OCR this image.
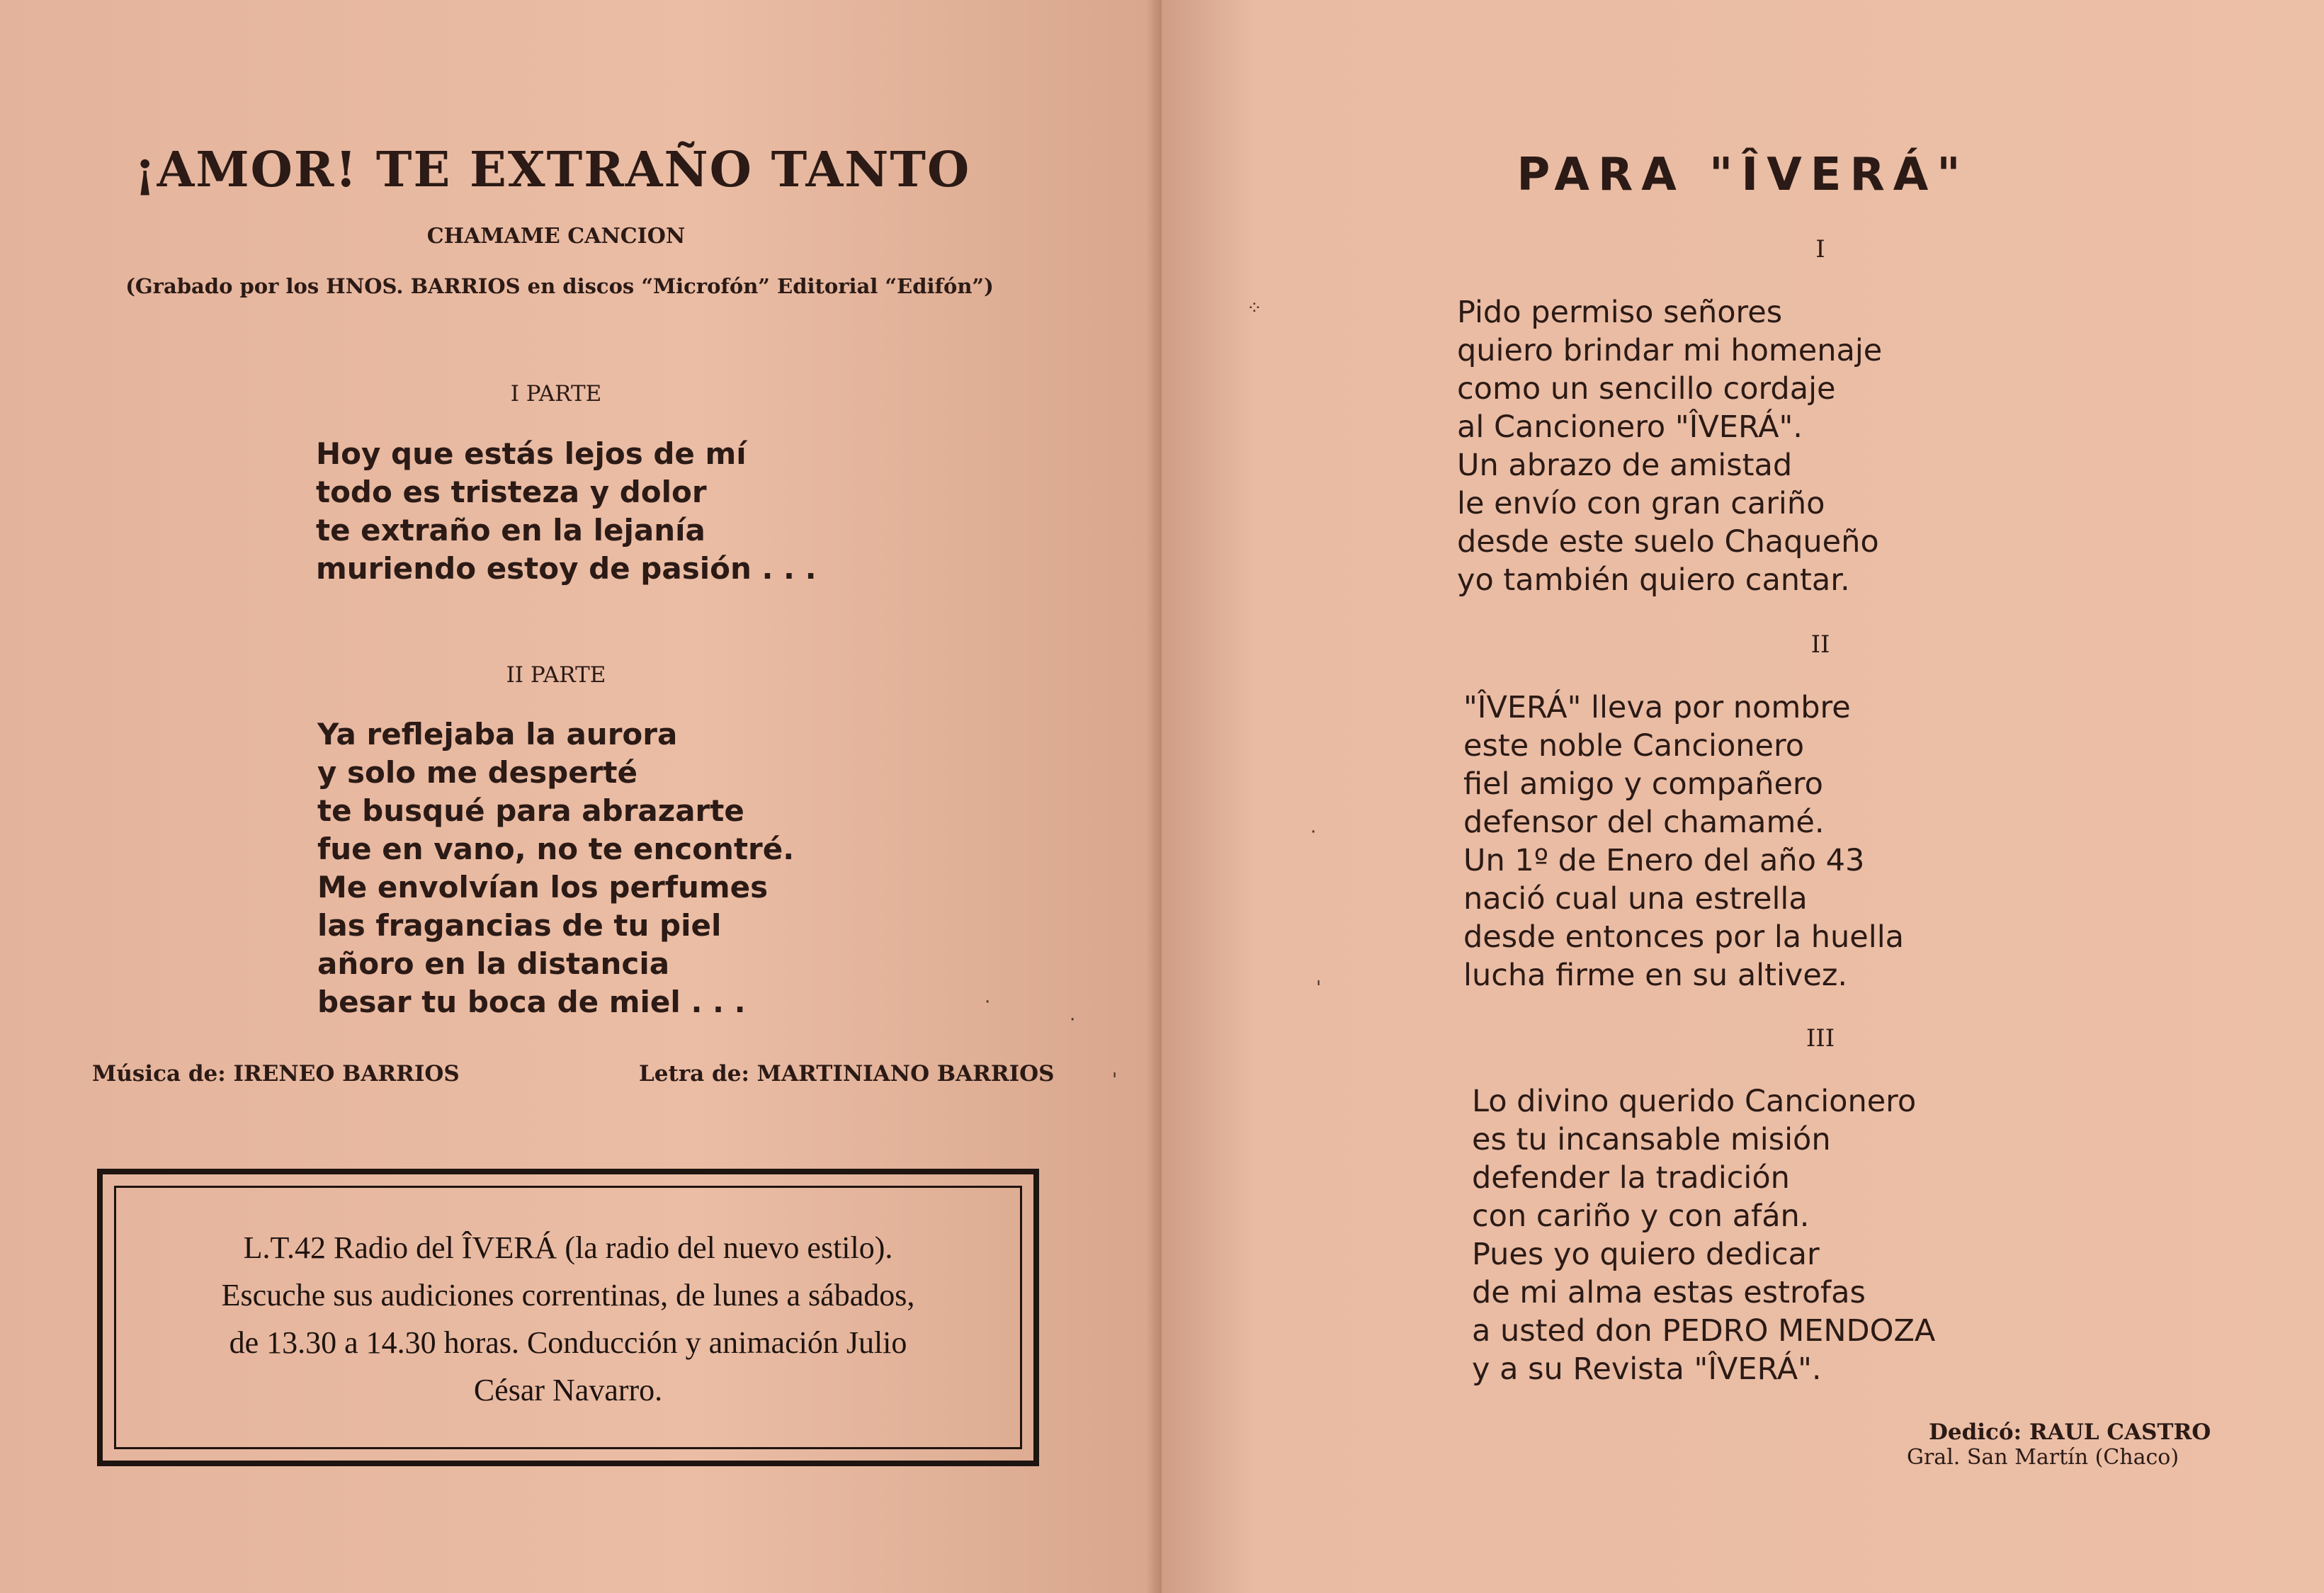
¡AMOR! TE EXTRAÑO TANTO
CHAMAME CANCION
(Grabado por los HNOS. BARRIOS en discos “Microfón” Editorial “Edifón”)
I PARTE

Hoy que estás lejos de mí

todo es tristeza y dolor

te extraño en la lejanía

muriendo estoy de pasión . . .

II PARTE

Ya reflejaba la aurora

y solo me desperté

te busqué para abrazarte

fue en vano, no te encontré.

Me envolvían los perfumes

las fragancias de tu piel

añoro en la distancia

besar tu boca de miel . . .

Música de: IRENEO BARRIOS	Letra de: MARTINIANO BARRIOS
L.T.42 Radio del ÎVERÁ (la radio del nuevo estilo).
Escuche sus audiciones correntinas, de lunes a sábados,
de 13.30 a 14.30 horas. Conducción y animación Julio
César Navarro.
·
·
'
PARA "ÎVERÁ"
I

Pido permiso señores

quiero brindar mi homenaje

como un sencillo cordaje

al Cancionero "ÎVERÁ".

Un abrazo de amistad

le envío con gran cariño

desde este suelo Chaqueño

yo también quiero cantar.

II

"ÎVERÁ" lleva por nombre

este noble Cancionero

fiel amigo y compañero

defensor del chamamé.

Un 1º de Enero del año 43

nació cual una estrella

desde entonces por la huella

lucha firme en su altivez.

III

Lo divino querido Cancionero

es tu incansable misión

defender la tradición

con cariño y con afán.

Pues yo quiero dedicar

de mi alma estas estrofas

a usted don PEDRO MENDOZA

y a su Revista "ÎVERÁ".

Dedicó: RAUL CASTRO
Gral. San Martín (Chaco)
⁘
·
'
